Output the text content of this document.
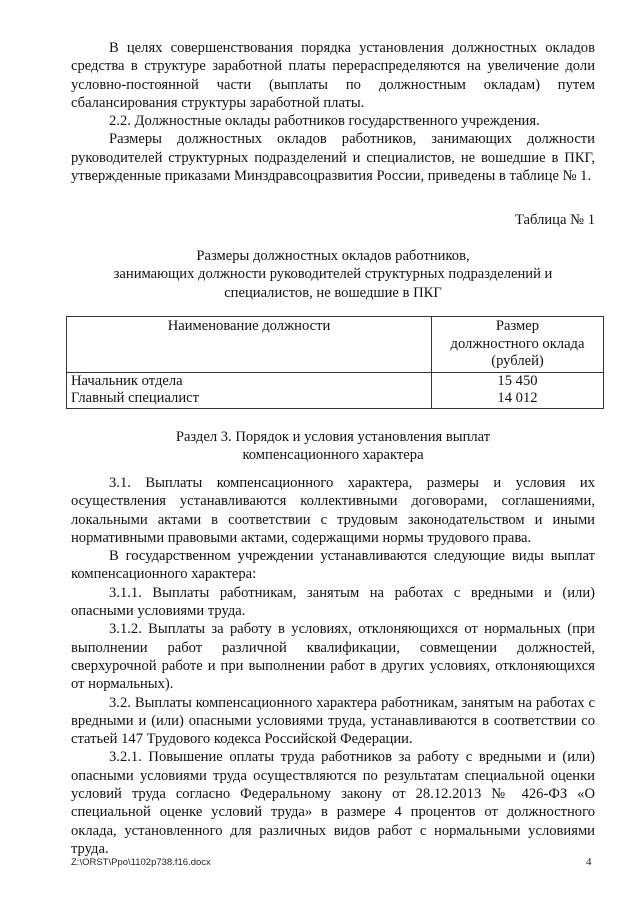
В целях совершенствования порядка установления должностных окладов средства в структуре заработной платы перераспределяются на увеличение доли условно-постоянной части (выплаты по должностным окладам) путем сбалансирования структуры заработной платы.

2.2. Должностные оклады работников государственного учреждения.

Размеры должностных окладов работников, занимающих должности руководителей структурных подразделений и специалистов, не вошедшие в ПКГ, утвержденные приказами Минздравсоцразвития России, приведены в таблице № 1.

Таблица № 1

Размеры должностных окладов работников,

занимающих должности руководителей структурных подразделений и

специалистов, не вошедшие в ПКГ

Наименование должности	Размер
должностного оклада
(рублей)

Начальник отдела	15 450
Главный специалист	14 012

Раздел 3. Порядок и условия установления выплат

компенсационного характера

3.1. Выплаты компенсационного характера, размеры и условия их осуществления устанавливаются коллективными договорами, соглашениями, локальными актами в соответствии с трудовым законодательством и иными нормативными правовыми актами, содержащими нормы трудового права.

В государственном учреждении устанавливаются следующие виды выплат компенсационного характера:

3.1.1. Выплаты работникам, занятым на работах с вредными и (или) опасными условиями труда.

3.1.2. Выплаты за работу в условиях, отклоняющихся от нормальных (при выполнении работ различной квалификации, совмещении должностей, сверхурочной работе и при выполнении работ в других условиях, отклоняющихся от нормальных).

3.2. Выплаты компенсационного характера работникам, занятым на работах с вредными и (или) опасными условиями труда, устанавливаются в соответствии со статьей 147 Трудового кодекса Российской Федерации.

3.2.1. Повышение оплаты труда работников за работу с вредными и (или) опасными условиями труда осуществляются по результатам специальной оценки условий труда согласно Федеральному закону от 28.12.2013 № 426-ФЗ «О специальной оценке условий труда» в размере 4 процентов от должностного оклада, установленного для различных видов работ с нормальными условиями труда.

Z:\ORST\Ppo\1102p738.f16.docx	4
